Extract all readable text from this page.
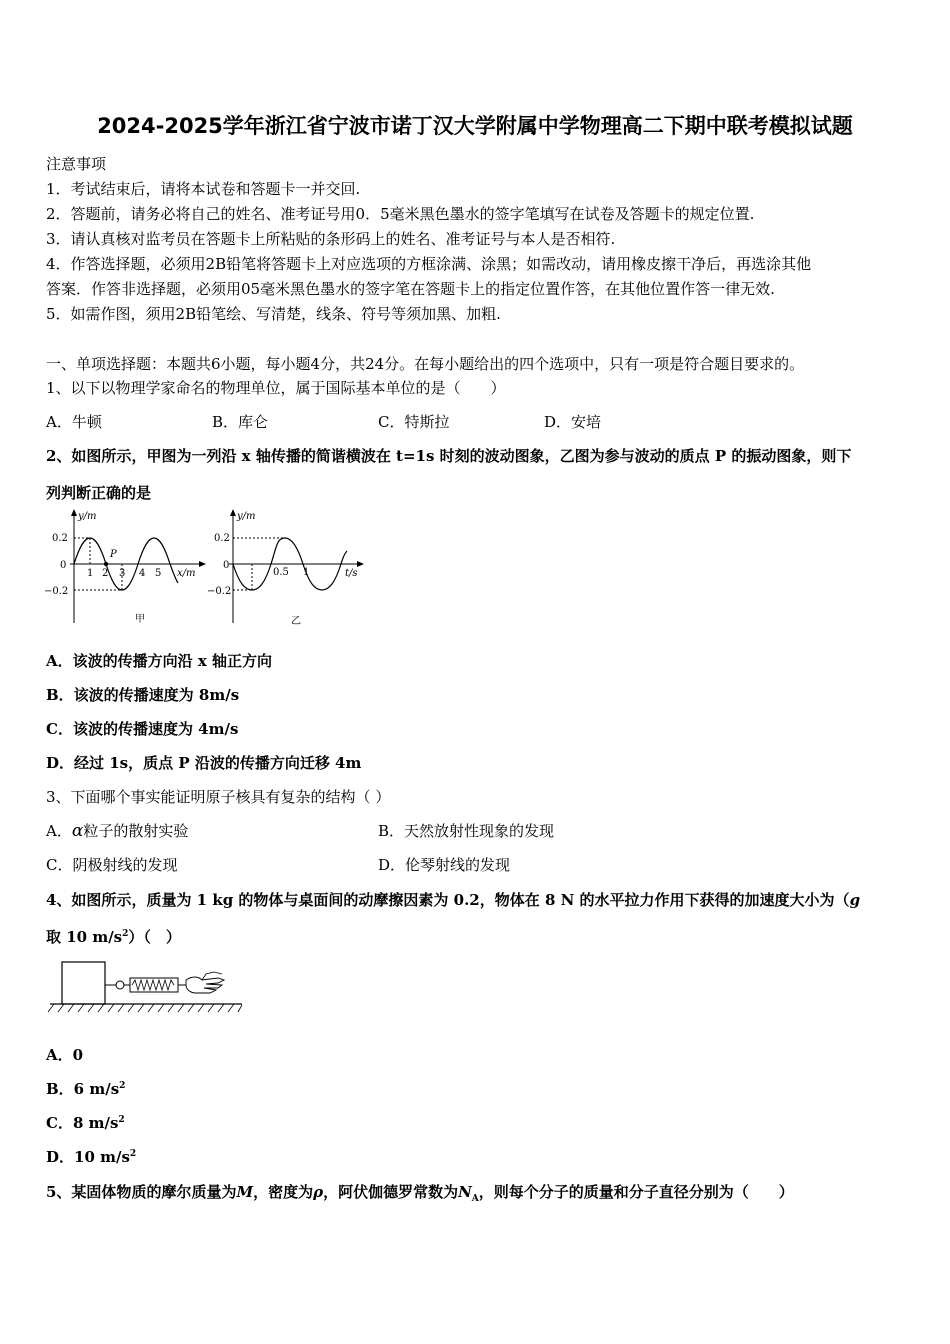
2024-2025学年浙江省宁波市诺丁汉大学附属中学物理高二下期中联考模拟试题
注意事项
1．考试结束后，请将本试卷和答题卡一并交回.
2．答题前，请务必将自己的姓名、准考证号用0．5毫米黑色墨水的签字笔填写在试卷及答题卡的规定位置.
3．请认真核对监考员在答题卡上所粘贴的条形码上的姓名、准考证号与本人是否相符.
4．作答选择题，必须用2B铅笔将答题卡上对应选项的方框涂满、涂黑；如需改动，请用橡皮擦干净后，再选涂其他
答案．作答非选择题，必须用05毫米黑色墨水的签字笔在答题卡上的指定位置作答，在其他位置作答一律无效.
5．如需作图，须用2B铅笔绘、写清楚，线条、符号等须加黑、加粗.
一、单项选择题：本题共6小题，每小题4分，共24分。在每小题给出的四个选项中，只有一项是符合题目要求的。
1、以下以物理学家命名的物理单位，属于国际基本单位的是（　　）
A．牛顿	B．库仑	C．特斯拉	D．安培
2、如图所示，甲图为一列沿 x 轴传播的简谐横波在 t=1s 时刻的波动图象，乙图为参与波动的质点 P 的振动图象，则下
列判断正确的是
y/m
x/m
0.2
0
−0.2
P
1 2 3 4 5
甲
y/m
t/s
0.2
0
−0.2
0.5 1
乙
A．该波的传播方向沿 x 轴正方向
B．该波的传播速度为 8m/s
C．该波的传播速度为 4m/s
D．经过 1s，质点 P 沿波的传播方向迁移 4m
3、下面哪个事实能证明原子核具有复杂的结构（ ）
A．α粒子的散射实验	B．天然放射性现象的发现
C．阴极射线的发现	D．伦琴射线的发现
4、如图所示，质量为 1 kg 的物体与桌面间的动摩擦因素为 0.2，物体在 8 N 的水平拉力作用下获得的加速度大小为（g
取 10 $m/s^2$）（　）
A．0
B．6 $m/s^2$
C．8 $m/s^2$
D．10 $m/s^2$
5、某固体物质的摩尔质量为M，密度为ρ，阿伏伽德罗常数为$N_A$，则每个分子的质量和分子直径分别为（　　）
